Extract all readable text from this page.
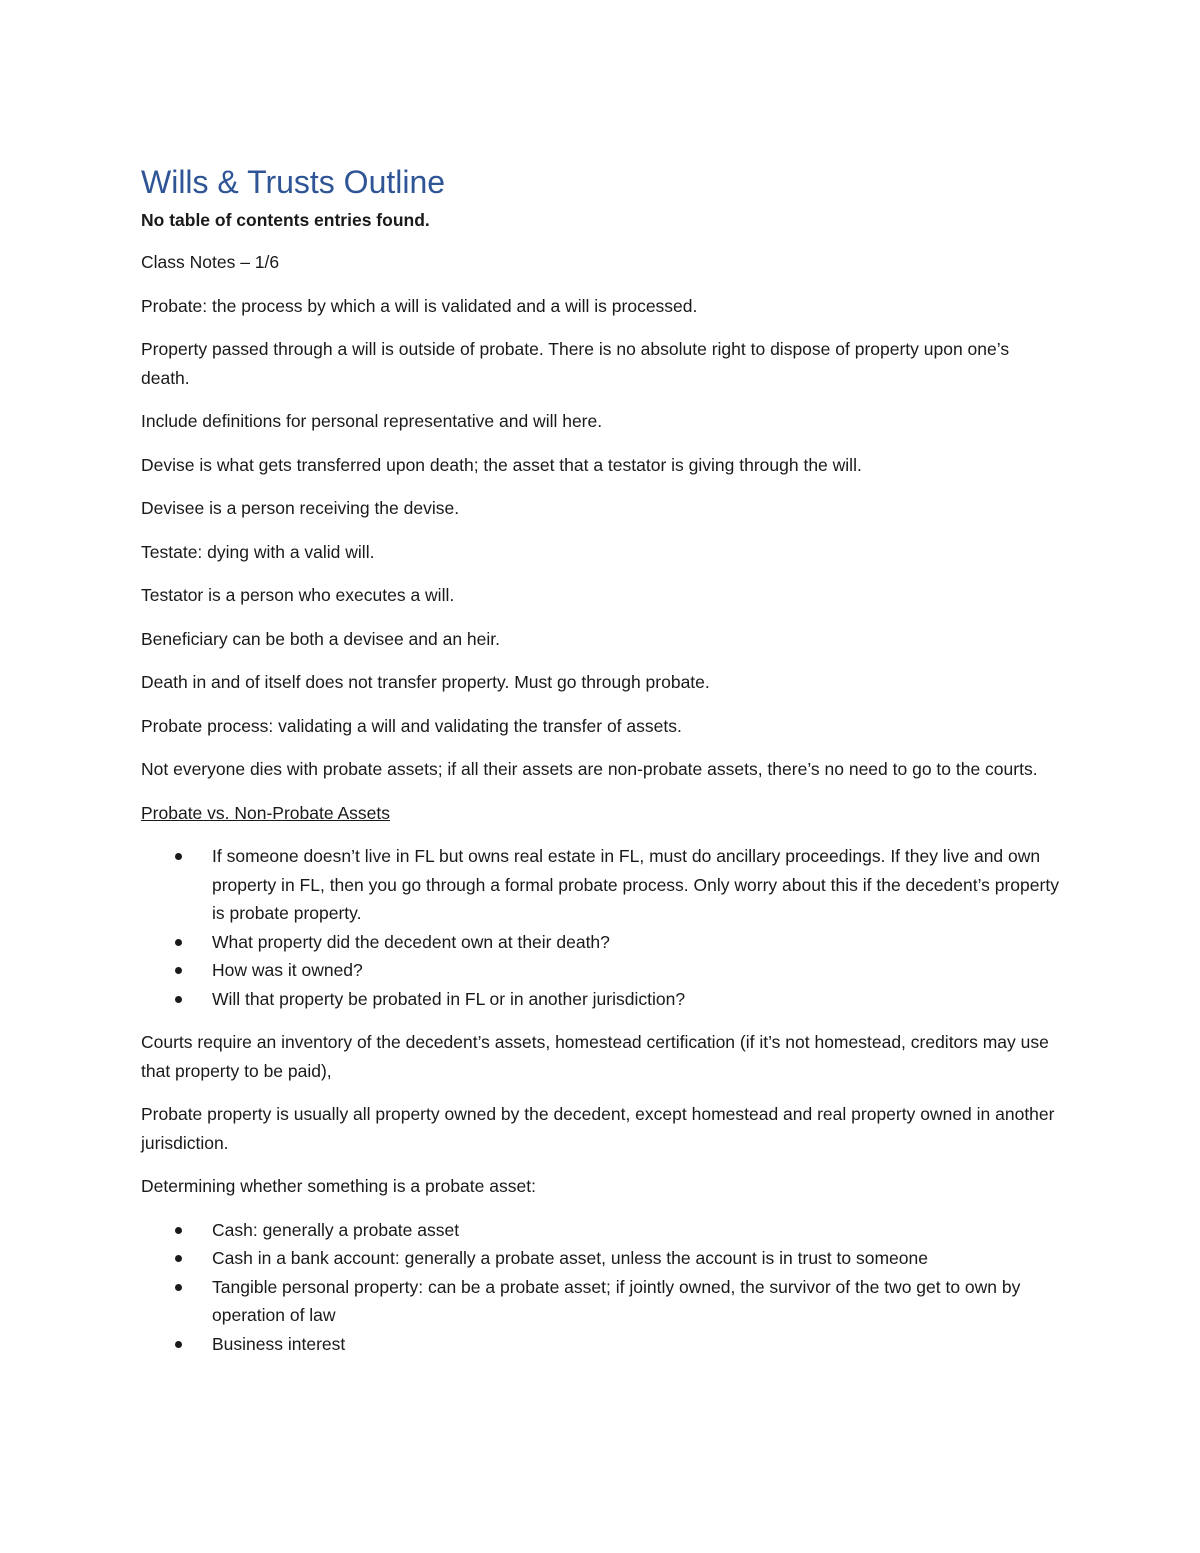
Wills & Trusts Outline
No table of contents entries found.

Class Notes – 1/6

Probate: the process by which a will is validated and a will is processed.

Property passed through a will is outside of probate. There is no absolute right to dispose of property upon one’s death.

Include definitions for personal representative and will here.

Devise is what gets transferred upon death; the asset that a testator is giving through the will.

Devisee is a person receiving the devise.

Testate: dying with a valid will.

Testator is a person who executes a will.

Beneficiary can be both a devisee and an heir.

Death in and of itself does not transfer property. Must go through probate.

Probate process: validating a will and validating the transfer of assets.

Not everyone dies with probate assets; if all their assets are non-probate assets, there’s no need to go to the courts.

Probate vs. Non-Probate Assets

If someone doesn’t live in FL but owns real estate in FL, must do ancillary proceedings. If they live and own property in FL, then you go through a formal probate process. Only worry about this if the decedent’s property is probate property.
What property did the decedent own at their death?
How was it owned?
Will that property be probated in FL or in another jurisdiction?

Courts require an inventory of the decedent’s assets, homestead certification (if it’s not homestead, creditors may use that property to be paid),

Probate property is usually all property owned by the decedent, except homestead and real property owned in another jurisdiction.

Determining whether something is a probate asset:

Cash: generally a probate asset
Cash in a bank account: generally a probate asset, unless the account is in trust to someone
Tangible personal property: can be a probate asset; if jointly owned, the survivor of the two get to own by operation of law
Business interest
